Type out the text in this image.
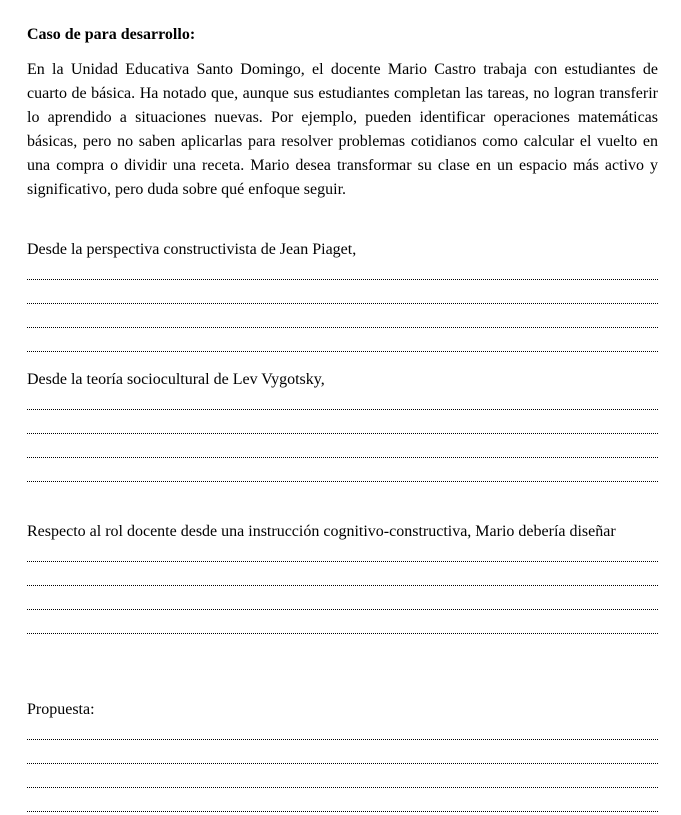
Caso de para desarrollo:

En la Unidad Educativa Santo Domingo, el docente Mario Castro trabaja con estudiantes de cuarto de básica. Ha notado que, aunque sus estudiantes completan las tareas, no logran transferir lo aprendido a situaciones nuevas. Por ejemplo, pueden identificar operaciones matemáticas básicas, pero no saben aplicarlas para resolver problemas cotidianos como calcular el vuelto en una compra o dividir una receta. Mario desea transformar su clase en un espacio más activo y significativo, pero duda sobre qué enfoque seguir.

Desde la perspectiva constructivista de Jean Piaget,

Desde la teoría sociocultural de Lev Vygotsky,

Respecto al rol docente desde una instrucción cognitivo-constructiva, Mario debería diseñar

Propuesta:
